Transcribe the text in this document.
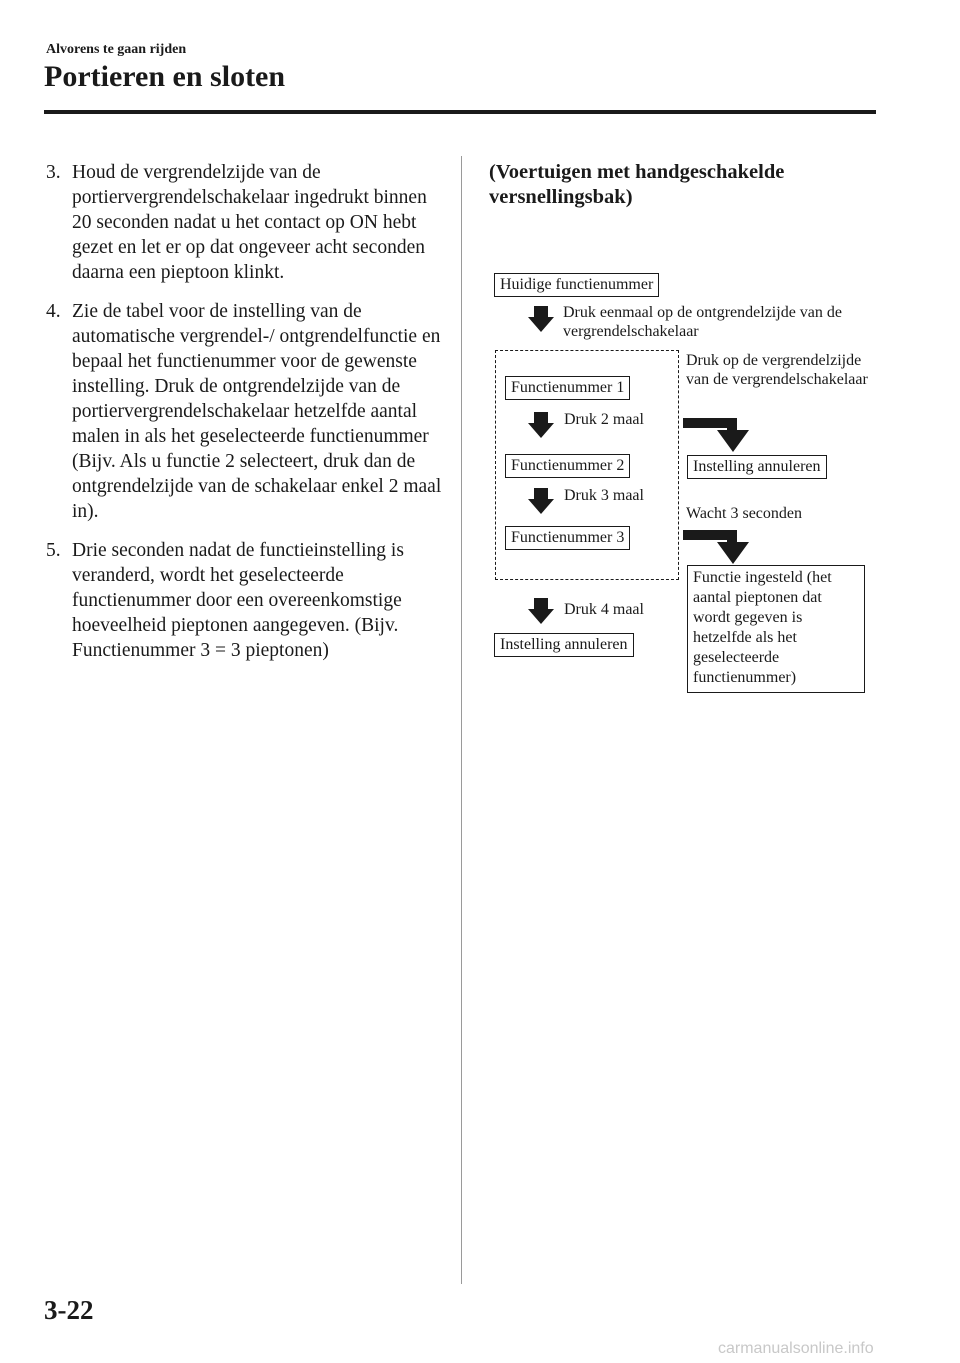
Alvorens te gaan rijden
Portieren en sloten
3. Houd de vergrendelzijde van de portiervergrendelschakelaar ingedrukt binnen 20 seconden nadat u het contact op ON hebt gezet en let er op dat ongeveer acht seconden daarna een pieptoon klinkt.
4. Zie de tabel voor de instelling van de automatische vergrendel-/ ontgrendelfunctie en bepaal het functienummer voor de gewenste instelling. Druk de ontgrendelzijde van de portiervergrendelschakelaar hetzelfde aantal malen in als het geselecteerde functienummer (Bijv. Als u functie 2 selecteert, druk dan de ontgrendelzijde van de schakelaar enkel 2 maal in).
5. Drie seconden nadat de functieinstelling is veranderd, wordt het geselecteerde functienummer door een overeenkomstige hoeveelheid pieptonen aangegeven. (Bijv. Functienummer 3 = 3 pieptonen)
(Voertuigen met handgeschakelde versnellingsbak)
Huidige functienummer
Druk eenmaal op de ontgrendelzijde van de vergrendelschakelaar
Functienummer 1
Druk 2 maal
Functienummer 2
Druk 3 maal
Functienummer 3
Druk 4 maal
Instelling annuleren
Druk op de vergrendelzijde van de vergrendelschakelaar
Instelling annuleren
Wacht 3 seconden
Functie ingesteld (het aantal pieptonen dat wordt gegeven is hetzelfde als het geselecteerde functienummer)
3-22
carmanualsonline.info
